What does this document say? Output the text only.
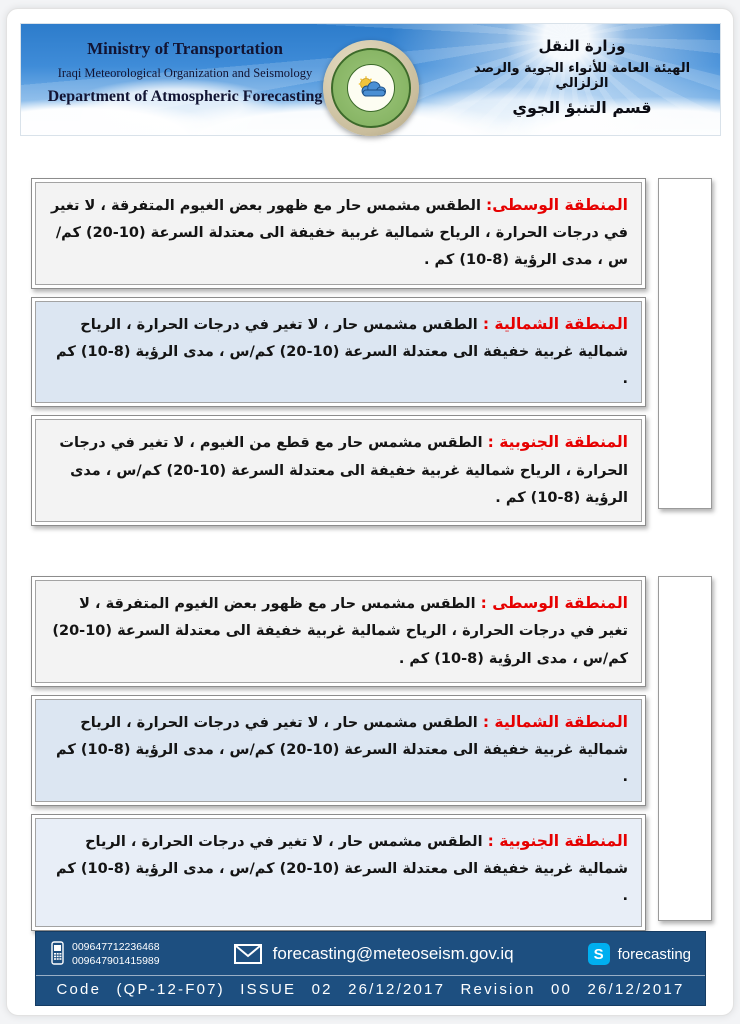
Ministry of Transportation
Iraqi Meteorological Organization and Seismology
Department of Atmospheric Forecasting
وزارة النقل
الهيئة العامة للأنواء الجوية والرصد الزلزالي
قسم التنبؤ الجوي
المنطقة الوسطى: الطقس مشمس حار مع ظهور بعض الغيوم المتفرقة ، لا تغير في درجات الحرارة ، الرياح شمالية غربية خفيفة الى معتدلة السرعة (10-20) كم/س ، مدى الرؤية (8-10) كم .
المنطقة الشمالية : الطقس مشمس حار ، لا تغير في درجات الحرارة ، الرياح شمالية غربية خفيفة الى معتدلة السرعة (10-20) كم/س ، مدى الرؤية (8-10) كم .
المنطقة الجنوبية : الطقس مشمس حار مع قطع من الغيوم ، لا تغير في درجات الحرارة ، الرياح شمالية غربية خفيفة الى معتدلة السرعة (10-20) كم/س ، مدى الرؤية (8-10) كم .
المنطقة الوسطى : الطقس مشمس حار مع ظهور بعض الغيوم المتفرقة ، لا تغير في درجات الحرارة ، الرياح شمالية غربية خفيفة الى معتدلة السرعة (10-20) كم/س ، مدى الرؤية (8-10) كم .
المنطقة الشمالية : الطقس مشمس حار ، لا تغير في درجات الحرارة ، الرياح شمالية غربية خفيفة الى معتدلة السرعة (10-20) كم/س ، مدى الرؤية (8-10) كم .
المنطقة الجنوبية : الطقس مشمس حار ، لا تغير في درجات الحرارة ، الرياح شمالية غربية خفيفة الى معتدلة السرعة (10-20) كم/س ، مدى الرؤية (8-10) كم .
009647712236468
009647901415989	forecasting@meteoseism.gov.iq	S forecasting
Code (QP-12-F07) ISSUE 02 26/12/2017 Revision 00 26/12/2017
